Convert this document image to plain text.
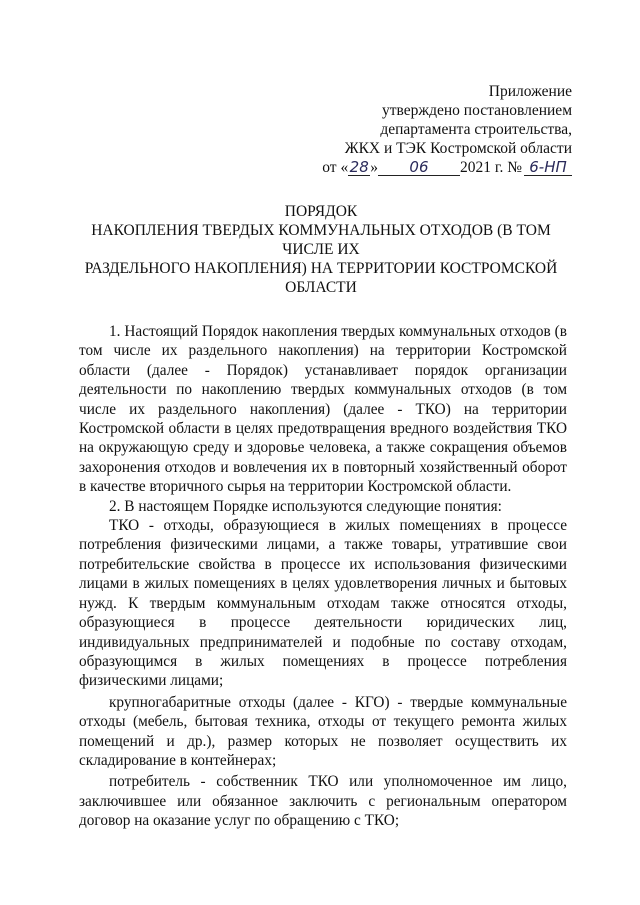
Приложение
утверждено постановлением
департамента строительства,
ЖКХ и ТЭК Костромской области
от «28» 06 2021 г. № 6-НП
ПОРЯДОК
НАКОПЛЕНИЯ ТВЕРДЫХ КОММУНАЛЬНЫХ ОТХОДОВ (В ТОМ
ЧИСЛЕ ИХ
РАЗДЕЛЬНОГО НАКОПЛЕНИЯ) НА ТЕРРИТОРИИ КОСТРОМСКОЙ
ОБЛАСТИ

1. Настоящий Порядок накопления твердых коммунальных отходов (в том числе их раздельного накопления) на территории Костромской области (далее - Порядок) устанавливает порядок организации деятельности по накоплению твердых коммунальных отходов (в том числе их раздельного накопления) (далее - ТКО) на территории Костромской области в целях предотвращения вредного воздействия ТКО на окружающую среду и здоровье человека, а также сокращения объемов захоронения отходов и вовлечения их в повторный хозяйственный оборот в качестве вторичного сырья на территории Костромской области.

2. В настоящем Порядке используются следующие понятия:

ТКО - отходы, образующиеся в жилых помещениях в процессе потребления физическими лицами, а также товары, утратившие свои потребительские свойства в процессе их использования физическими лицами в жилых помещениях в целях удовлетворения личных и бытовых нужд. К твердым коммунальным отходам также относятся отходы, образующиеся в процессе деятельности юридических лиц, индивидуальных предпринимателей и подобные по составу отходам, образующимся в жилых помещениях в процессе потребления физическими лицами;

крупногабаритные отходы (далее - КГО) - твердые коммунальные отходы (мебель, бытовая техника, отходы от текущего ремонта жилых помещений и др.), размер которых не позволяет осуществить их складирование в контейнерах;

потребитель - собственник ТКО или уполномоченное им лицо, заключившее или обязанное заключить с региональным оператором договор на оказание услуг по обращению с ТКО;
